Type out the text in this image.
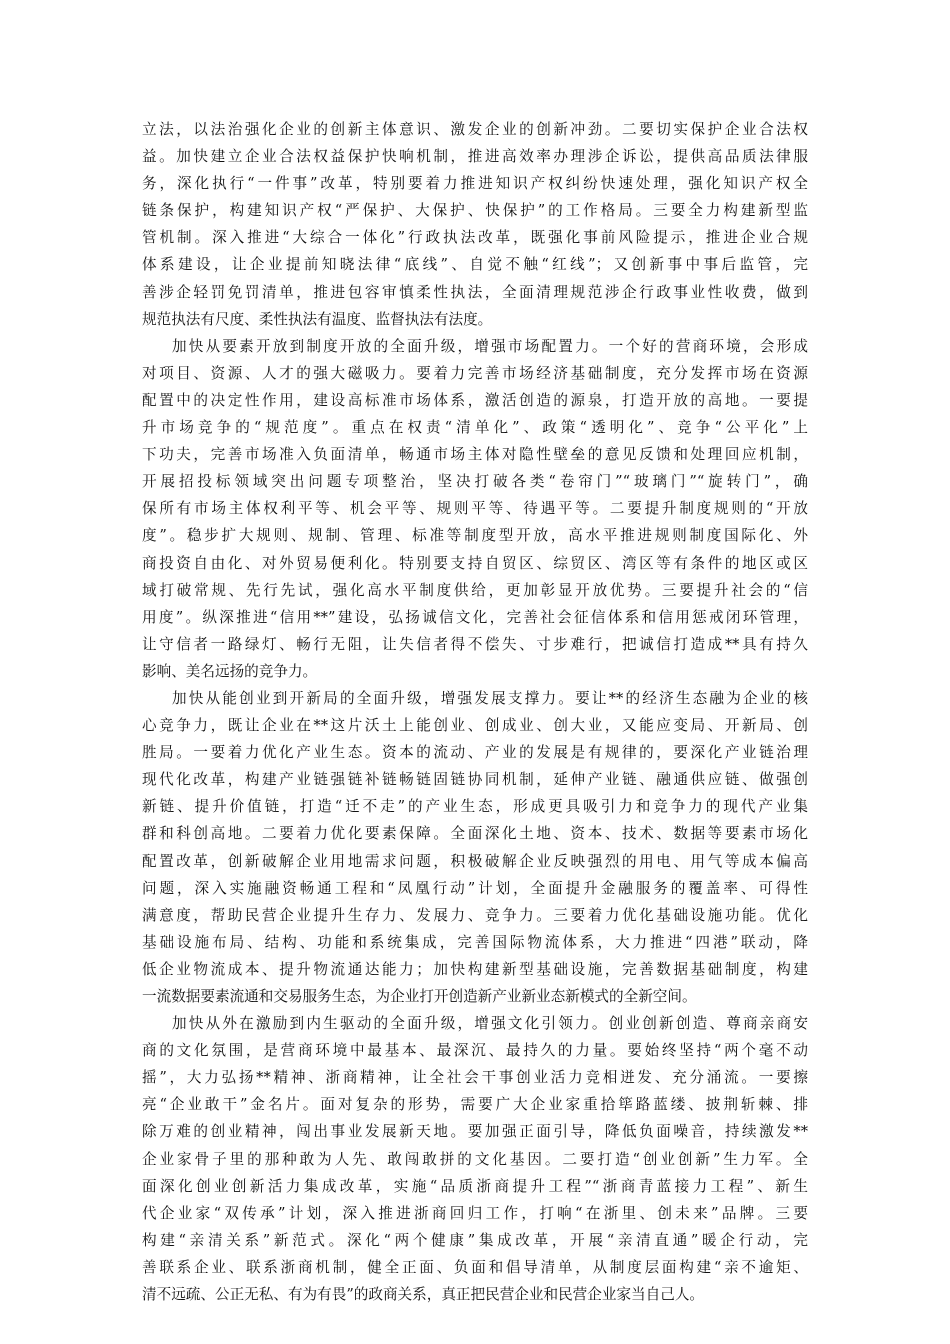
立法，以法治强化企业的创新主体意识、激发企业的创新冲劲。二要切实保护企业合法权
益。加快建立企业合法权益保护快响机制，推进高效率办理涉企诉讼，提供高品质法律服
务，深化执行“一件事”改革，特别要着力推进知识产权纠纷快速处理，强化知识产权全
链条保护，构建知识产权“严保护、大保护、快保护”的工作格局。三要全力构建新型监
管机制。深入推进“大综合一体化”行政执法改革，既强化事前风险提示，推进企业合规
体系建设，让企业提前知晓法律“底线”、自觉不触“红线”；又创新事中事后监管，完
善涉企轻罚免罚清单，推进包容审慎柔性执法，全面清理规范涉企行政事业性收费，做到
规范执法有尺度、柔性执法有温度、监督执法有法度。
加快从要素开放到制度开放的全面升级，增强市场配置力。一个好的营商环境，会形成
对项目、资源、人才的强大磁吸力。要着力完善市场经济基础制度，充分发挥市场在资源
配置中的决定性作用，建设高标准市场体系，激活创造的源泉，打造开放的高地。一要提
升市场竞争的“规范度”。重点在权责“清单化”、政策“透明化”、竞争“公平化”上
下功夫，完善市场准入负面清单，畅通市场主体对隐性壁垒的意见反馈和处理回应机制，
开展招投标领域突出问题专项整治，坚决打破各类“卷帘门”“玻璃门”“旋转门”，确
保所有市场主体权利平等、机会平等、规则平等、待遇平等。二要提升制度规则的“开放
度”。稳步扩大规则、规制、管理、标准等制度型开放，高水平推进规则制度国际化、外
商投资自由化、对外贸易便利化。特别要支持自贸区、综贸区、湾区等有条件的地区或区
域打破常规、先行先试，强化高水平制度供给，更加彰显开放优势。三要提升社会的“信
用度”。纵深推进“信用**”建设，弘扬诚信文化，完善社会征信体系和信用惩戒闭环管理，
让守信者一路绿灯、畅行无阻，让失信者得不偿失、寸步难行，把诚信打造成**具有持久
影响、美名远扬的竞争力。
加快从能创业到开新局的全面升级，增强发展支撑力。要让**的经济生态融为企业的核
心竞争力，既让企业在**这片沃土上能创业、创成业、创大业，又能应变局、开新局、创
胜局。一要着力优化产业生态。资本的流动、产业的发展是有规律的，要深化产业链治理
现代化改革，构建产业链强链补链畅链固链协同机制，延伸产业链、融通供应链、做强创
新链、提升价值链，打造“迁不走”的产业生态，形成更具吸引力和竞争力的现代产业集
群和科创高地。二要着力优化要素保障。全面深化土地、资本、技术、数据等要素市场化
配置改革，创新破解企业用地需求问题，积极破解企业反映强烈的用电、用气等成本偏高
问题，深入实施融资畅通工程和“凤凰行动”计划，全面提升金融服务的覆盖率、可得性
满意度，帮助民营企业提升生存力、发展力、竞争力。三要着力优化基础设施功能。优化
基础设施布局、结构、功能和系统集成，完善国际物流体系，大力推进“四港”联动，降
低企业物流成本、提升物流通达能力；加快构建新型基础设施，完善数据基础制度，构建
一流数据要素流通和交易服务生态，为企业打开创造新产业新业态新模式的全新空间。
加快从外在激励到内生驱动的全面升级，增强文化引领力。创业创新创造、尊商亲商安
商的文化氛围，是营商环境中最基本、最深沉、最持久的力量。要始终坚持“两个毫不动
摇”，大力弘扬**精神、浙商精神，让全社会干事创业活力竞相迸发、充分涌流。一要擦
亮“企业敢干”金名片。面对复杂的形势，需要广大企业家重拾筚路蓝缕、披荆斩棘、排
除万难的创业精神，闯出事业发展新天地。要加强正面引导，降低负面噪音，持续激发**
企业家骨子里的那种敢为人先、敢闯敢拼的文化基因。二要打造“创业创新”生力军。全
面深化创业创新活力集成改革，实施“品质浙商提升工程”“浙商青蓝接力工程”、新生
代企业家“双传承”计划，深入推进浙商回归工作，打响“在浙里、创未来”品牌。三要
构建“亲清关系”新范式。深化“两个健康”集成改革，开展“亲清直通”暖企行动，完
善联系企业、联系浙商机制，健全正面、负面和倡导清单，从制度层面构建“亲不逾矩、
清不远疏、公正无私、有为有畏”的政商关系，真正把民营企业和民营企业家当自己人。
